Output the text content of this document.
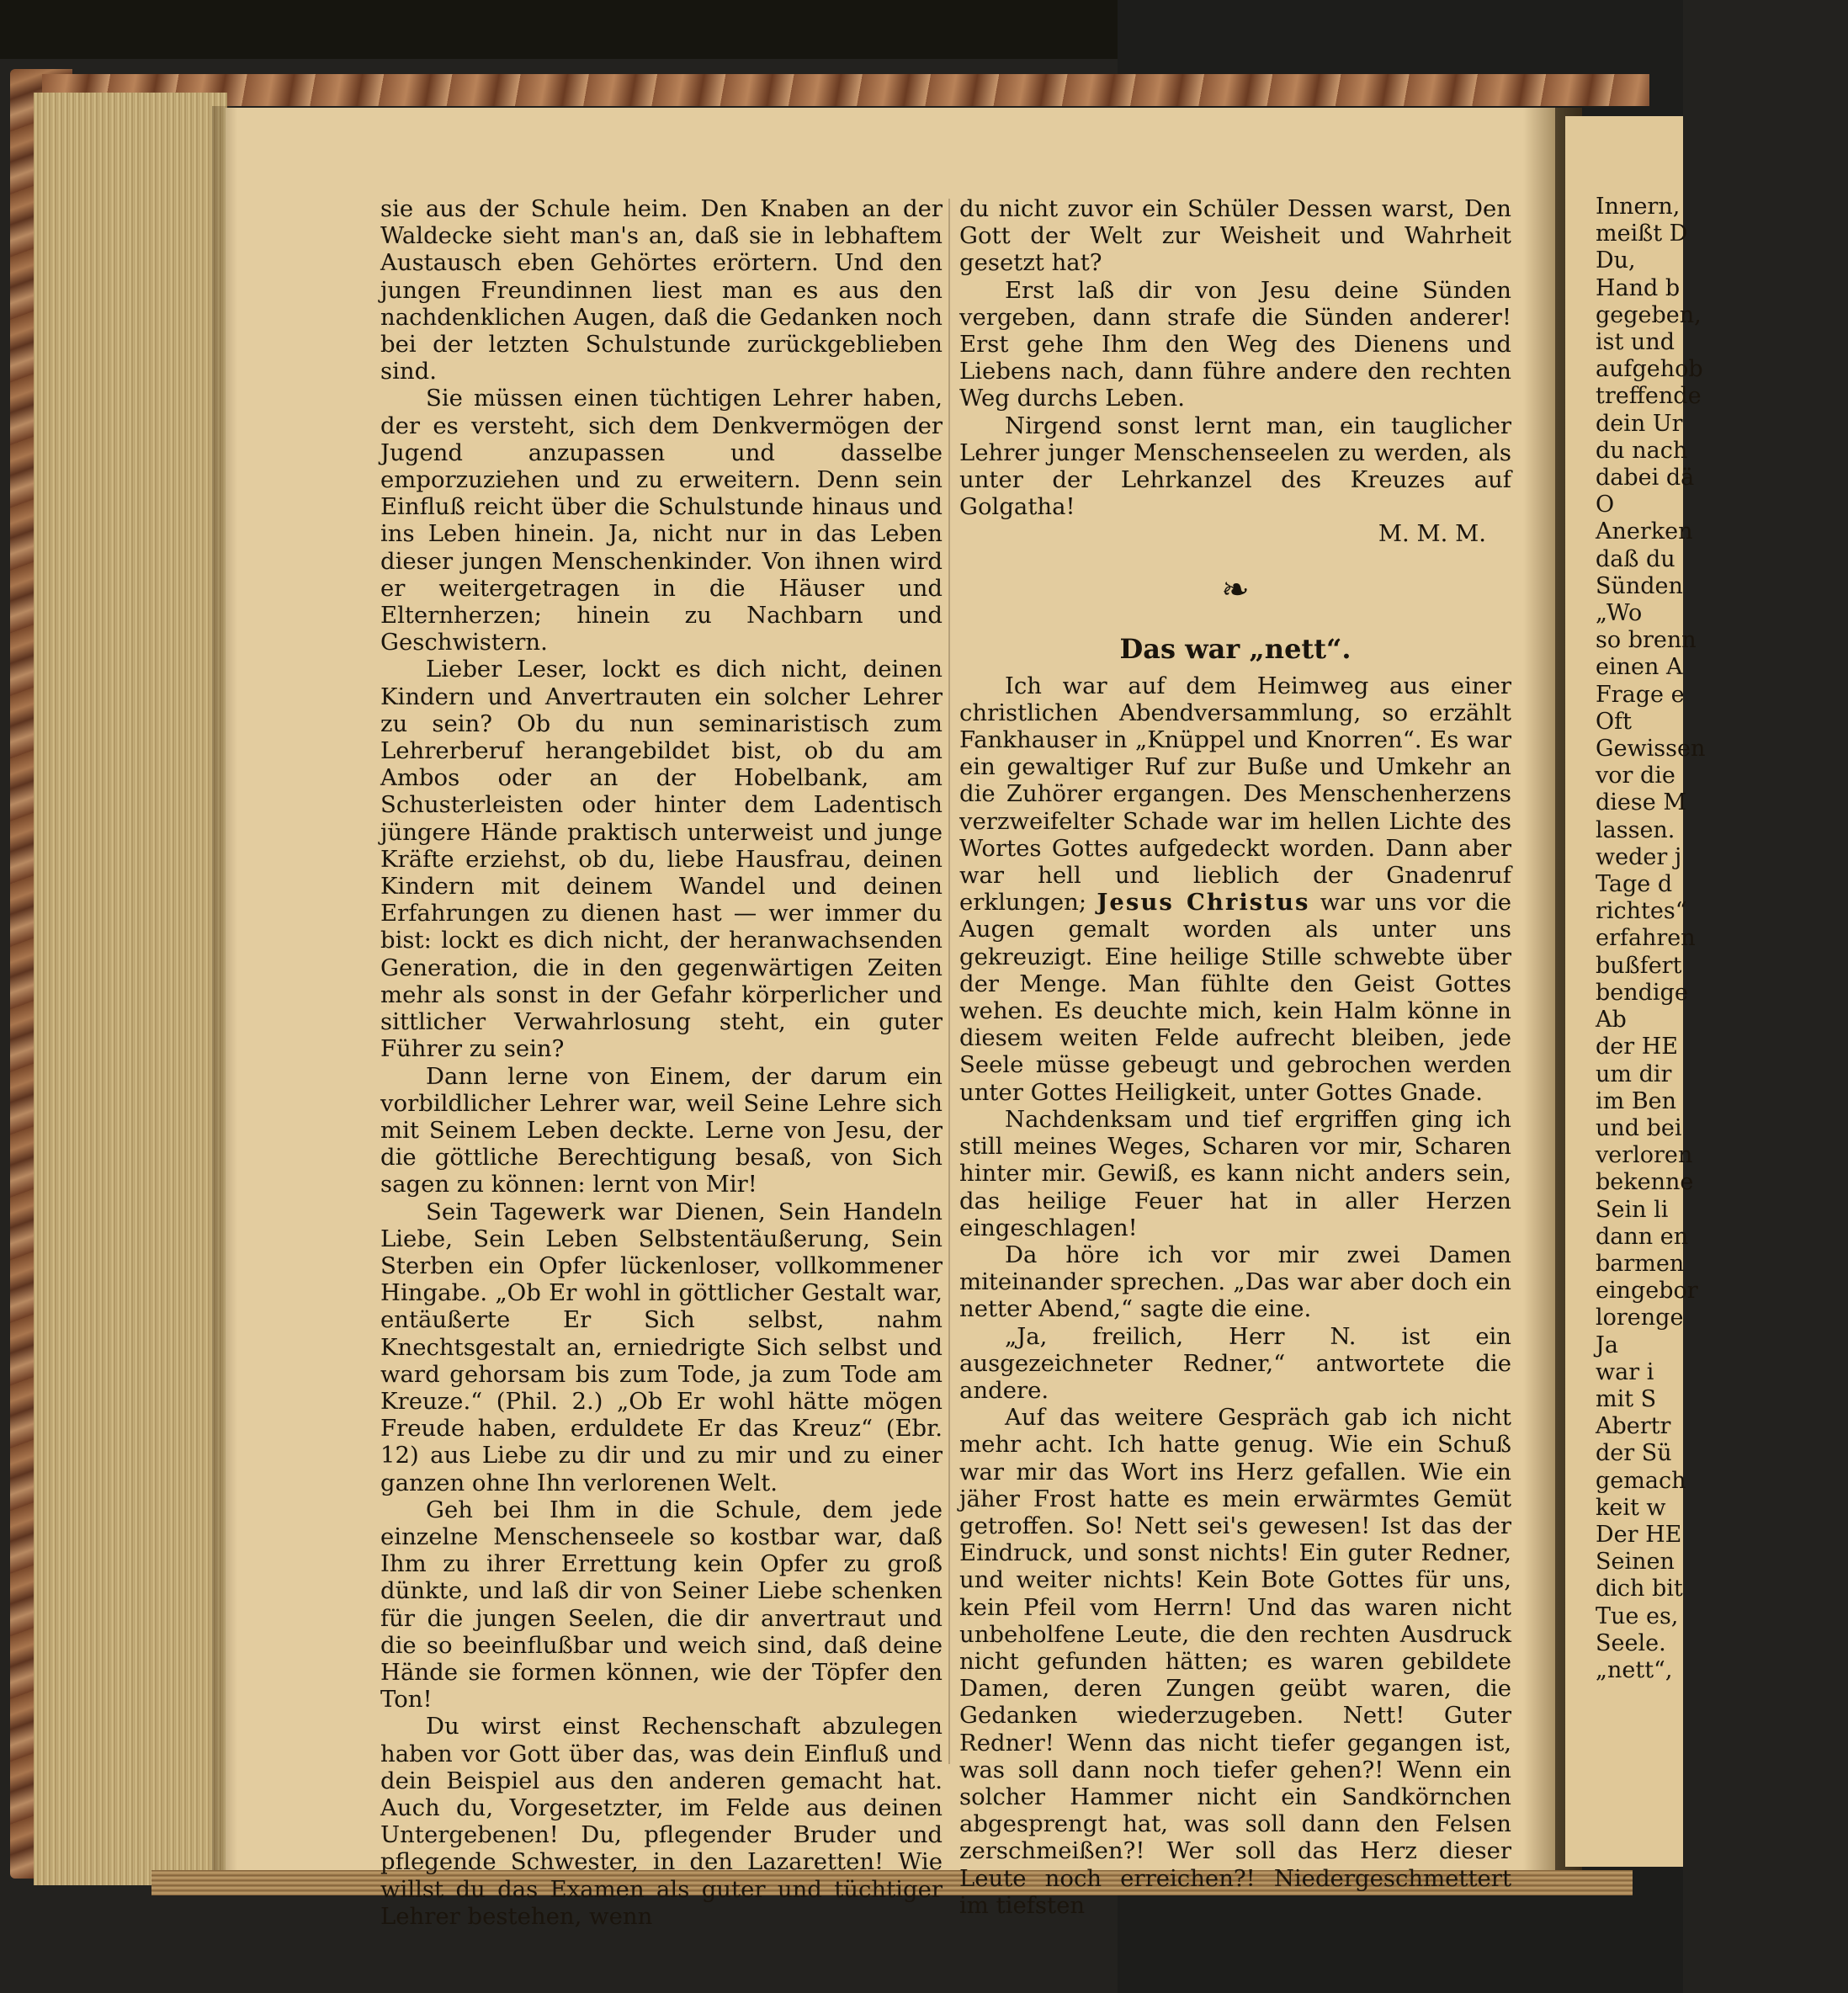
sie aus der Schule heim. Den Knaben an der Waldecke sieht man's an, daß sie in lebhaftem Austausch eben Gehörtes erörtern. Und den jungen Freundinnen liest man es aus den nachdenklichen Augen, daß die Gedanken noch bei der letzten Schulstunde zurückgeblieben sind.

Sie müssen einen tüchtigen Lehrer haben, der es versteht, sich dem Denkvermögen der Jugend anzupassen und dasselbe emporzuziehen und zu erweitern. Denn sein Einfluß reicht über die Schulstunde hinaus und ins Leben hinein. Ja, nicht nur in das Leben dieser jungen Menschenkinder. Von ihnen wird er weitergetragen in die Häuser und Elternherzen; hinein zu Nachbarn und Geschwistern.

Lieber Leser, lockt es dich nicht, deinen Kindern und Anvertrauten ein solcher Lehrer zu sein? Ob du nun seminaristisch zum Lehrerberuf herangebildet bist, ob du am Ambos oder an der Hobelbank, am Schusterleisten oder hinter dem Ladentisch jüngere Hände praktisch unterweist und junge Kräfte erziehst, ob du, liebe Hausfrau, deinen Kindern mit deinem Wandel und deinen Erfahrungen zu dienen hast — wer immer du bist: lockt es dich nicht, der heranwachsenden Generation, die in den gegenwärtigen Zeiten mehr als sonst in der Gefahr körperlicher und sittlicher Verwahrlosung steht, ein guter Führer zu sein?

Dann lerne von Einem, der darum ein vorbildlicher Lehrer war, weil Seine Lehre sich mit Seinem Leben deckte. Lerne von Jesu, der die göttliche Berechtigung besaß, von Sich sagen zu können: lernt von Mir!

Sein Tagewerk war Dienen, Sein Handeln Liebe, Sein Leben Selbstentäußerung, Sein Sterben ein Opfer lückenloser, vollkommener Hingabe. „Ob Er wohl in göttlicher Gestalt war, entäußerte Er Sich selbst, nahm Knechtsgestalt an, erniedrigte Sich selbst und ward gehorsam bis zum Tode, ja zum Tode am Kreuze.“ (Phil. 2.) „Ob Er wohl hätte mögen Freude haben, erduldete Er das Kreuz“ (Ebr. 12) aus Liebe zu dir und zu mir und zu einer ganzen ohne Ihn verlorenen Welt.

Geh bei Ihm in die Schule, dem jede einzelne Menschenseele so kostbar war, daß Ihm zu ihrer Errettung kein Opfer zu groß dünkte, und laß dir von Seiner Liebe schenken für die jungen Seelen, die dir anvertraut und die so beeinflußbar und weich sind, daß deine Hände sie formen können, wie der Töpfer den Ton!

Du wirst einst Rechenschaft abzulegen haben vor Gott über das, was dein Einfluß und dein Beispiel aus den anderen gemacht hat. Auch du, Vorgesetzter, im Felde aus deinen Untergebenen! Du, pflegender Bruder und pflegende Schwester, in den Lazaretten! Wie willst du das Examen als guter und tüchtiger Lehrer bestehen, wenn

du nicht zuvor ein Schüler Dessen warst, Den Gott der Welt zur Weisheit und Wahrheit gesetzt hat?

Erst laß dir von Jesu deine Sünden vergeben, dann strafe die Sünden anderer! Erst gehe Ihm den Weg des Dienens und Liebens nach, dann führe andere den rechten Weg durchs Leben.

Nirgend sonst lernt man, ein tauglicher Lehrer junger Menschenseelen zu werden, als unter der Lehrkanzel des Kreuzes auf Golgatha!

M. M. M.

❧
Das war „nett“.

Ich war auf dem Heimweg aus einer christlichen Abendversammlung, so erzählt Fankhauser in „Knüppel und Knorren“. Es war ein gewaltiger Ruf zur Buße und Umkehr an die Zuhörer ergangen. Des Menschenherzens verzweifelter Schade war im hellen Lichte des Wortes Gottes aufgedeckt worden. Dann aber war hell und lieblich der Gnadenruf erklungen; Jesus Christus war uns vor die Augen gemalt worden als unter uns gekreuzigt. Eine heilige Stille schwebte über der Menge. Man fühlte den Geist Gottes wehen. Es deuchte mich, kein Halm könne in diesem weiten Felde aufrecht bleiben, jede Seele müsse gebeugt und gebrochen werden unter Gottes Heiligkeit, unter Gottes Gnade.

Nachdenksam und tief ergriffen ging ich still meines Weges, Scharen vor mir, Scharen hinter mir. Gewiß, es kann nicht anders sein, das heilige Feuer hat in aller Herzen eingeschlagen!

Da höre ich vor mir zwei Damen miteinander sprechen. „Das war aber doch ein netter Abend,“ sagte die eine.

„Ja, freilich, Herr N. ist ein ausgezeichneter Redner,“ antwortete die andere.

Auf das weitere Gespräch gab ich nicht mehr acht. Ich hatte genug. Wie ein Schuß war mir das Wort ins Herz gefallen. Wie ein jäher Frost hatte es mein erwärmtes Gemüt getroffen. So! Nett sei's gewesen! Ist das der Eindruck, und sonst nichts! Ein guter Redner, und weiter nichts! Kein Bote Gottes für uns, kein Pfeil vom Herrn! Und das waren nicht unbeholfene Leute, die den rechten Ausdruck nicht gefunden hätten; es waren gebildete Damen, deren Zungen geübt waren, die Gedanken wiederzugeben. Nett! Guter Redner! Wenn das nicht tiefer gegangen ist, was soll dann noch tiefer gehen?! Wenn ein solcher Hammer nicht ein Sandkörnchen abgesprengt hat, was soll dann den Felsen zerschmeißen?! Wer soll das Herz dieser Leute noch erreichen?! Niedergeschmettert im tiefsten

Innern,
meißt D
Du,
Hand b
gegeben,
ist und
aufgehob
treffende
dein Ur
du nach
dabei dä
O
Anerken
daß du
Sünden
„Wo
so brenn
einen A
Frage e
Oft
Gewissen
vor die
diese M
lassen.
weder j
Tage d
richtes“
erfahren
bußfert
bendige
Ab
der HE
um dir
im Ben
und bei
verloren
bekenne
Sein li
dann en
barmen
eingebor
lorenge
Ja
war i
mit S
Abertr
der Sü
gemach
keit w
Der HE
Seinen
dich bit
Tue es,
Seele.
„nett“,
